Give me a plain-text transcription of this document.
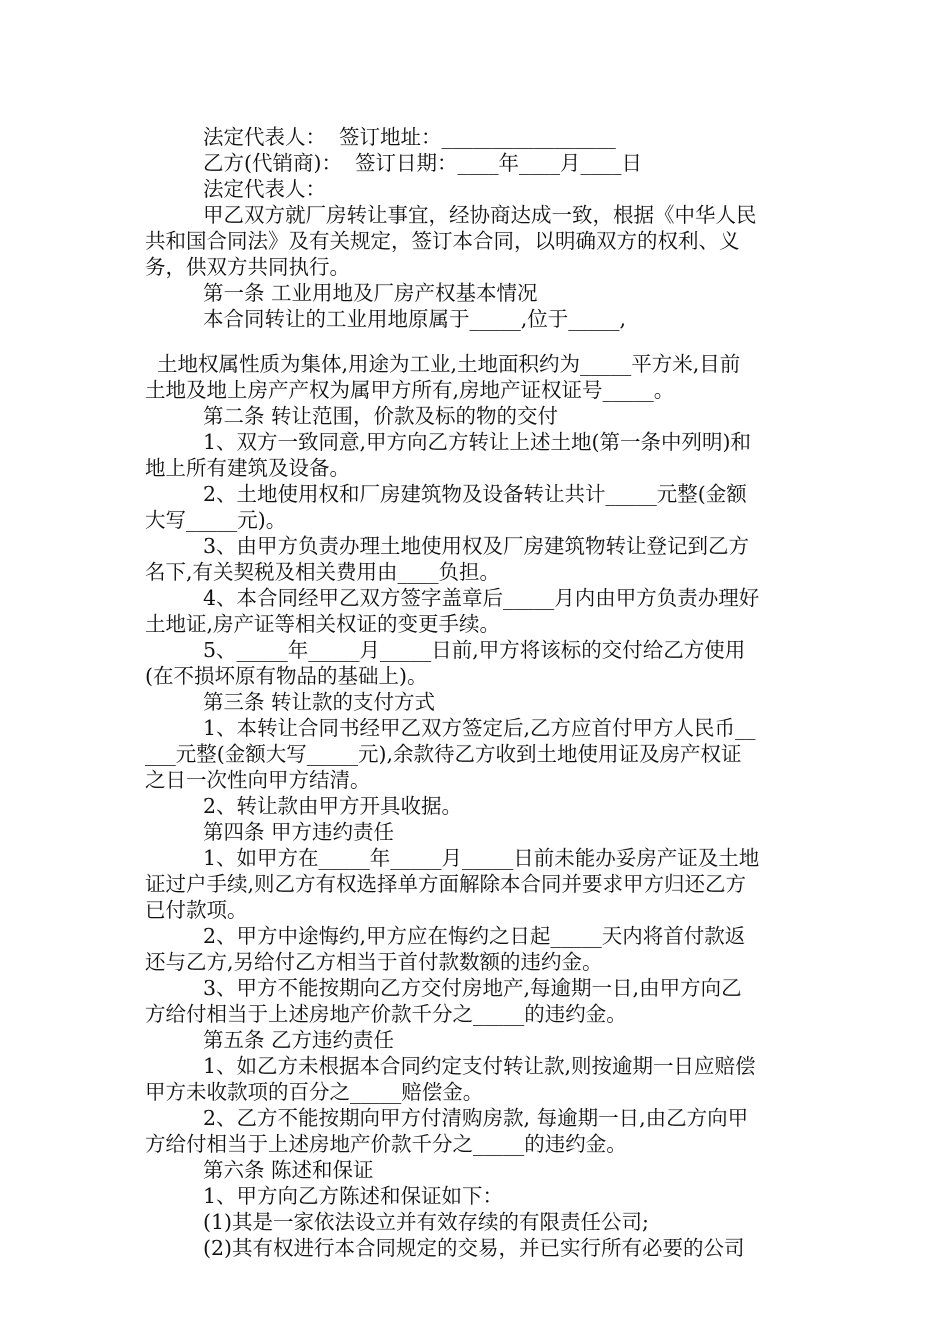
法定代表人：  签订地址：_________________
乙方(代销商)：  签订日期：____年____月____日
法定代表人：
甲乙双方就厂房转让事宜，经协商达成一致，根据《中华人民
共和国合同法》及有关规定，签订本合同，以明确双方的权利、义
务，供双方共同执行。
第一条 工业用地及厂房产权基本情况
本合同转让的工业用地原属于_____,位于_____,
土地权属性质为集体,用途为工业,土地面积约为_____平方米,目前
土地及地上房产产权为属甲方所有,房地产证权证号_____。
第二条 转让范围，价款及标的物的交付
1、双方一致同意,甲方向乙方转让上述土地(第一条中列明)和
地上所有建筑及设备。
2、土地使用权和厂房建筑物及设备转让共计_____元整(金额
大写_____元)。
3、由甲方负责办理土地使用权及厂房建筑物转让登记到乙方
名下,有关契税及相关费用由____负担。
4、本合同经甲乙双方签字盖章后_____月内由甲方负责办理好
土地证,房产证等相关权证的变更手续。
5、_____年_____月_____日前,甲方将该标的交付给乙方使用
(在不损坏原有物品的基础上)。
第三条 转让款的支付方式
1、本转让合同书经甲乙双方签定后,乙方应首付甲方人民币__
___元整(金额大写_____元),余款待乙方收到土地使用证及房产权证
之日一次性向甲方结清。
2、转让款由甲方开具收据。
第四条 甲方违约责任
1、如甲方在_____年_____月_____日前未能办妥房产证及土地
证过户手续,则乙方有权选择单方面解除本合同并要求甲方归还乙方
已付款项。
2、甲方中途悔约,甲方应在悔约之日起_____天内将首付款返
还与乙方,另给付乙方相当于首付款数额的违约金。
3、甲方不能按期向乙方交付房地产,每逾期一日,由甲方向乙
方给付相当于上述房地产价款千分之_____的违约金。
第五条 乙方违约责任
1、如乙方未根据本合同约定支付转让款,则按逾期一日应赔偿
甲方未收款项的百分之_____赔偿金。
2、乙方不能按期向甲方付清购房款, 每逾期一日,由乙方向甲
方给付相当于上述房地产价款千分之_____的违约金。
第六条 陈述和保证
1、甲方向乙方陈述和保证如下：
(1)其是一家依法设立并有效存续的有限责任公司;
(2)其有权进行本合同规定的交易，并已实行所有必要的公司
